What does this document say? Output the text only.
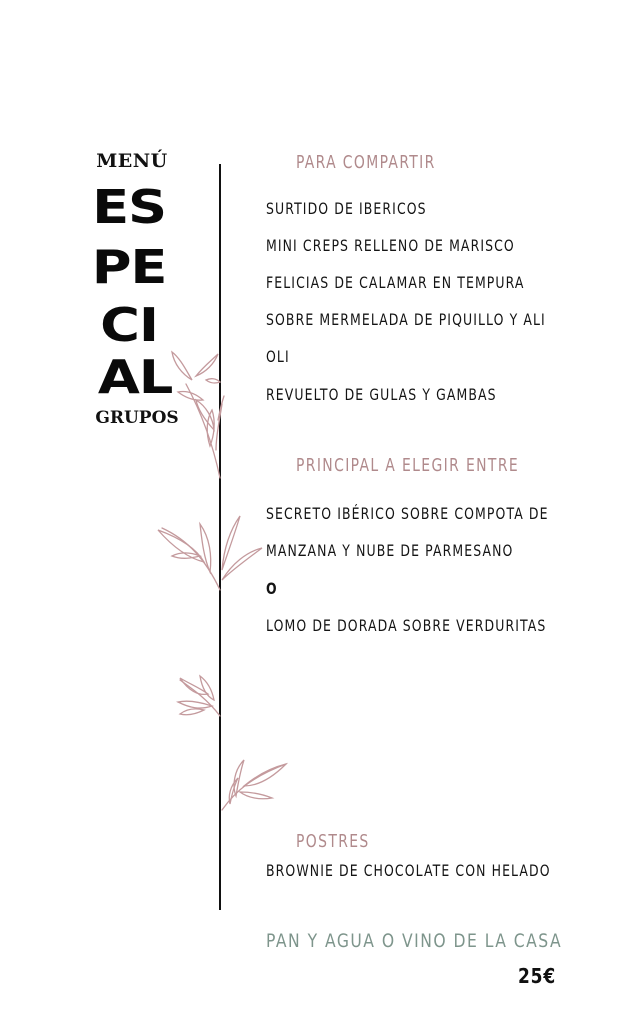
MENÚ
ES
PE
CI
AL
GRUPOS
PARA COMPARTIR
SURTIDO DE IBERICOS
MINI CREPS RELLENO DE MARISCO
FELICIAS DE CALAMAR EN TEMPURA
SOBRE MERMELADA DE PIQUILLO Y ALI
OLI
REVUELTO DE GULAS Y GAMBAS
PRINCIPAL A ELEGIR ENTRE
SECRETO IBÉRICO SOBRE COMPOTA DE
MANZANA Y NUBE DE PARMESANO
O
LOMO DE DORADA SOBRE VERDURITAS
POSTRES
BROWNIE DE CHOCOLATE CON HELADO
PAN Y AGUA O VINO DE LA CASA
25€
